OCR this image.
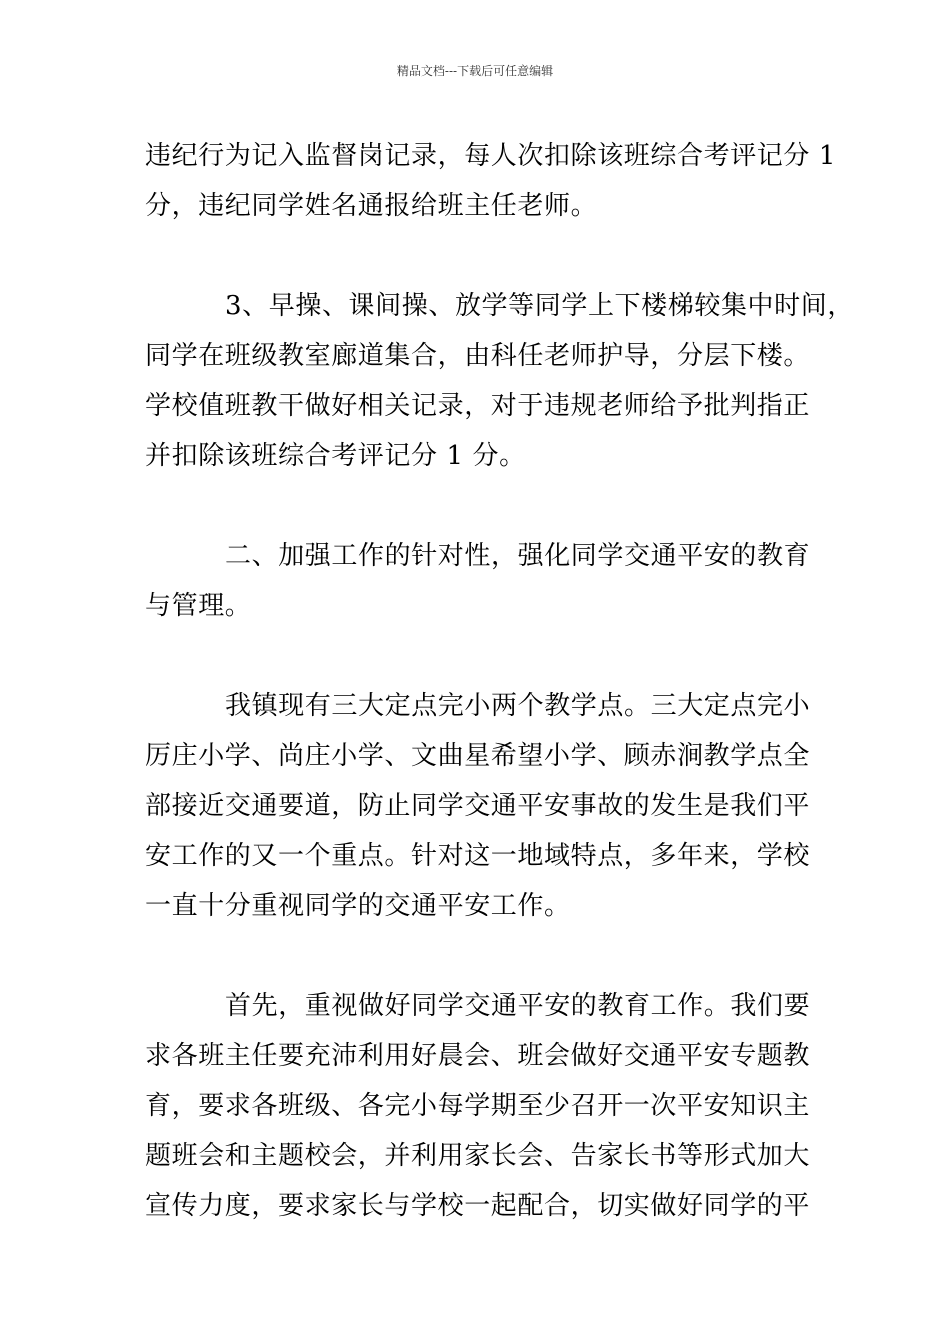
精品文档---下载后可任意编辑
违纪行为记入监督岗记录，每人次扣除该班综合考评记分 1
分，违纪同学姓名通报给班主任老师。
3、早操、课间操、放学等同学上下楼梯较集中时间，
同学在班级教室廊道集合，由科任老师护导，分层下楼。
学校值班教干做好相关记录，对于违规老师给予批判指正
并扣除该班综合考评记分 1 分。
二、加强工作的针对性，强化同学交通平安的教育
与管理。
我镇现有三大定点完小两个教学点。三大定点完小
厉庄小学、尚庄小学、文曲星希望小学、顾赤涧教学点全
部接近交通要道，防止同学交通平安事故的发生是我们平
安工作的又一个重点。针对这一地域特点，多年来，学校
一直十分重视同学的交通平安工作。
首先，重视做好同学交通平安的教育工作。我们要
求各班主任要充沛利用好晨会、班会做好交通平安专题教
育，要求各班级、各完小每学期至少召开一次平安知识主
题班会和主题校会，并利用家长会、告家长书等形式加大
宣传力度，要求家长与学校一起配合，切实做好同学的平
